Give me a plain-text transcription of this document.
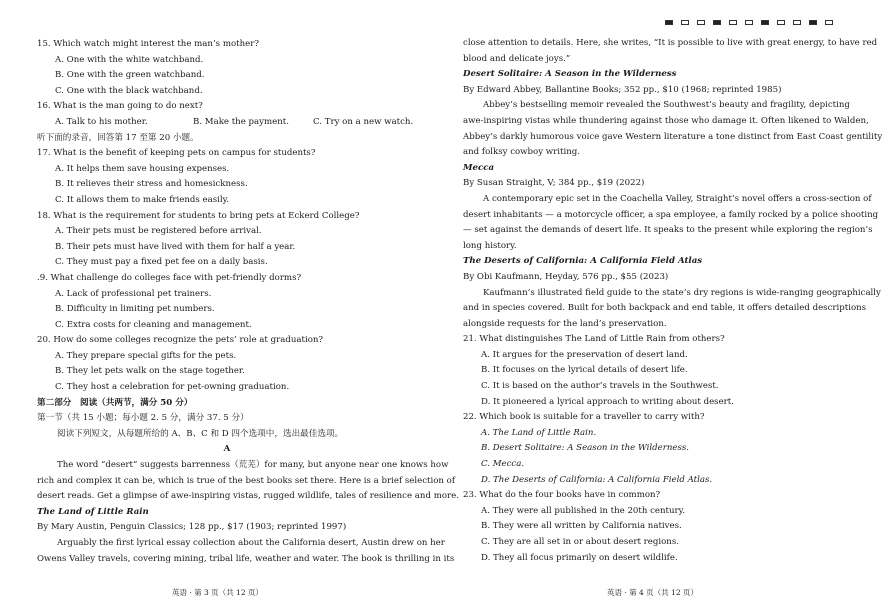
15. Which watch might interest the man’s mother?
A. One with the white watchband.
B. One with the green watchband.
C. One with the black watchband.
16. What is the man going to do next?
A. Talk to his mother.	B. Make the payment.	C. Try on a new watch.
听下面的录音，回答第 17 至第 20 小题。
17. What is the benefit of keeping pets on campus for students?
A. It helps them save housing expenses.
B. It relieves their stress and homesickness.
C. It allows them to make friends easily.
18. What is the requirement for students to bring pets at Eckerd College?
A. Their pets must be registered before arrival.
B. Their pets must have lived with them for half a year.
C. They must pay a fixed pet fee on a daily basis.
.9. What challenge do colleges face with pet-friendly dorms?
A. Lack of professional pet trainers.
B. Difficulty in limiting pet numbers.
C. Extra costs for cleaning and management.
20. How do some colleges recognize the pets’ role at graduation?
A. They prepare special gifts for the pets.
B. They let pets walk on the stage together.
C. They host a celebration for pet-owning graduation.
第二部分　阅读（共两节，满分 50 分）
第一节（共 15 小题；每小题 2. 5 分，满分 37. 5 分）
阅读下列短文，从每题所给的 A、B、C 和 D 四个选项中，选出最佳选项。
A
The word “desert” suggests barrenness（荒芜）for many, but anyone near one knows how
rich and complex it can be, which is true of the best books set there. Here is a brief selection of
desert reads. Get a glimpse of awe-inspiring vistas, rugged wildlife, tales of resilience and more.
The Land of Little Rain
By Mary Austin, Penguin Classics; 128 pp., $17 (1903; reprinted 1997)
Arguably the first lyrical essay collection about the California desert, Austin drew on her
Owens Valley travels, covering mining, tribal life, weather and water. The book is thrilling in its
英语 · 第 3 页（共 12 页）
close attention to details. Here, she writes, “It is possible to live with great energy, to have red
blood and delicate joys.”
Desert Solitaire: A Season in the Wilderness
By Edward Abbey, Ballantine Books; 352 pp., $10 (1968; reprinted 1985)
Abbey’s bestselling memoir revealed the Southwest’s beauty and fragility, depicting
awe-inspiring vistas while thundering against those who damage it. Often likened to Walden,
Abbey’s darkly humorous voice gave Western literature a tone distinct from East Coast gentility
and folksy cowboy writing.
Mecca
By Susan Straight, V; 384 pp., $19 (2022)
A contemporary epic set in the Coachella Valley, Straight’s novel offers a cross-section of
desert inhabitants — a motorcycle officer, a spa employee, a family rocked by a police shooting
— set against the demands of desert life. It speaks to the present while exploring the region’s
long history.
The Deserts of California: A California Field Atlas
By Obi Kaufmann, Heyday, 576 pp., $55 (2023)
Kaufmann’s illustrated field guide to the state’s dry regions is wide-ranging geographically
and in species covered. Built for both backpack and end table, it offers detailed descriptions
alongside requests for the land’s preservation.
21. What distinguishes The Land of Little Rain from others?
A. It argues for the preservation of desert land.
B. It focuses on the lyrical details of desert life.
C. It is based on the author’s travels in the Southwest.
D. It pioneered a lyrical approach to writing about desert.
22. Which book is suitable for a traveller to carry with?
A. The Land of Little Rain.
B. Desert Solitaire: A Season in the Wilderness.
C. Mecca.
D. The Deserts of California: A California Field Atlas.
23. What do the four books have in common?
A. They were all published in the 20th century.
B. They were all written by California natives.
C. They are all set in or about desert regions.
D. They all focus primarily on desert wildlife.
英语 · 第 4 页（共 12 页）
